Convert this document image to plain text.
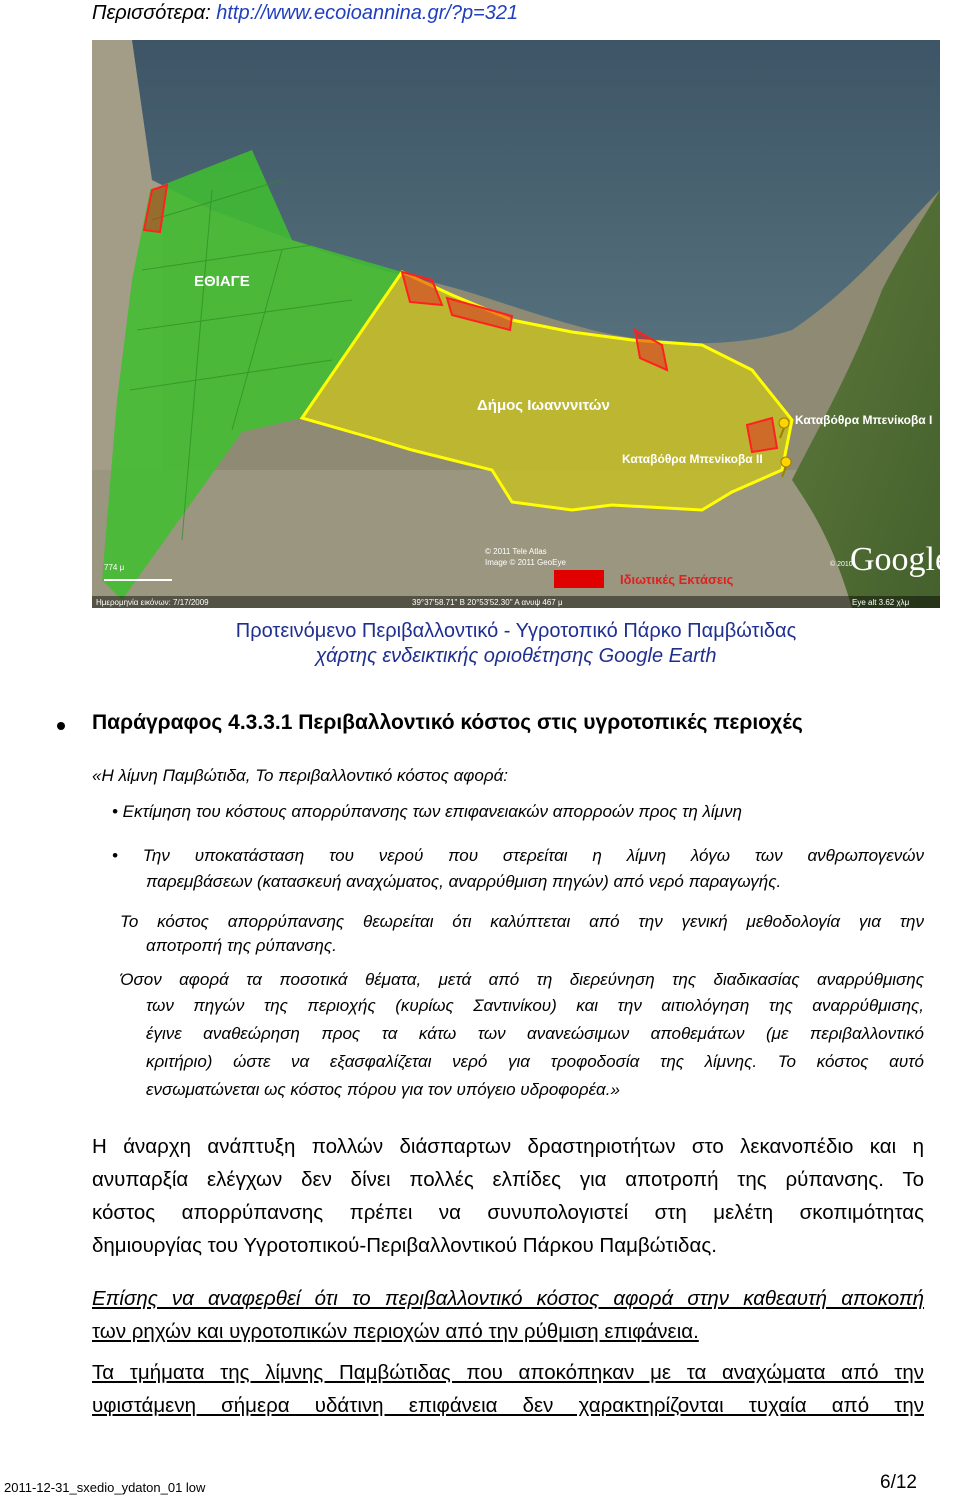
Περισσότερα: http://www.ecoioannina.gr/?p=321
ΕΘΙΑΓΕ
Δήμος Ιωανννιτών
Καταβόθρα Μπενίκοβα Ι
Καταβόθρα Μπενίκοβα ΙΙ
© 2011 Tele Atlas
Image © 2011 GeoEye
Ιδιωτικές Εκτάσεις
Google
© 2010
774 μ
Ημερομηνία εικόνων: 7/17/2009	39°37'58.71" Β 20°53'52.30" Α ανυψ 467 μ	Eye alt 3.62 χλμ
Προτεινόμενο Περιβαλλοντικό - Υγροτοπικό Πάρκο Παμβώτιδας
χάρτης ενδεικτικής οριοθέτησης Google Earth
Παράγραφος 4.3.3.1 Περιβαλλοντικό κόστος στις υγροτοπικές περιοχές
«Η λίμνη Παμβώτιδα, Το περιβαλλοντικό κόστος αφορά:
• Εκτίμηση του κόστους απορρύπανσης των επιφανειακών απορροών προς τη λίμνη
• Την υποκατάσταση του νερού που στερείται η λίμνη λόγω των ανθρωπογενών
παρεμβάσεων (κατασκευή αναχώματος, αναρρύθμιση πηγών) από νερό παραγωγής.
Το κόστος απορρύπανσης θεωρείται ότι καλύπτεται από την γενική μεθοδολογία για την
αποτροπή της ρύπανσης.
Όσον αφορά τα ποσοτικά θέματα, μετά από τη διερεύνηση της διαδικασίας αναρρύθμισης
των πηγών της περιοχής (κυρίως Σαντινίκου) και την αιτιολόγηση της αναρρύθμισης,
έγινε αναθεώρηση προς τα κάτω των ανανεώσιμων αποθεμάτων (με περιβαλλοντικό
κριτήριο) ώστε να εξασφαλίζεται νερό για τροφοδοσία της λίμνης. Το κόστος αυτό
ενσωματώνεται ως κόστος πόρου για τον υπόγειο υδροφορέα.»
Η άναρχη ανάπτυξη πολλών διάσπαρτων δραστηριοτήτων στο λεκανοπέδιο και η
ανυπαρξία ελέγχων δεν δίνει πολλές ελπίδες για αποτροπή της ρύπανσης. Το
κόστος απορρύπανσης πρέπει να συνυπολογιστεί στη μελέτη σκοπιμότητας
δημιουργίας του Υγροτοπικού-Περιβαλλοντικού Πάρκου Παμβώτιδας.
Επίσης να αναφερθεί ότι το περιβαλλοντικό κόστος αφορά στην καθεαυτή αποκοπή
των ρηχών και υγροτοπικών περιοχών από την ρύθμιση επιφάνεια.
Τα τμήματα της λίμνης Παμβώτιδας που αποκόπηκαν με τα αναχώματα από την
υφιστάμενη σήμερα υδάτινη επιφάνεια δεν χαρακτηρίζονται τυχαία από την
2011-12-31_sxedio_ydaton_01 low	6/12
